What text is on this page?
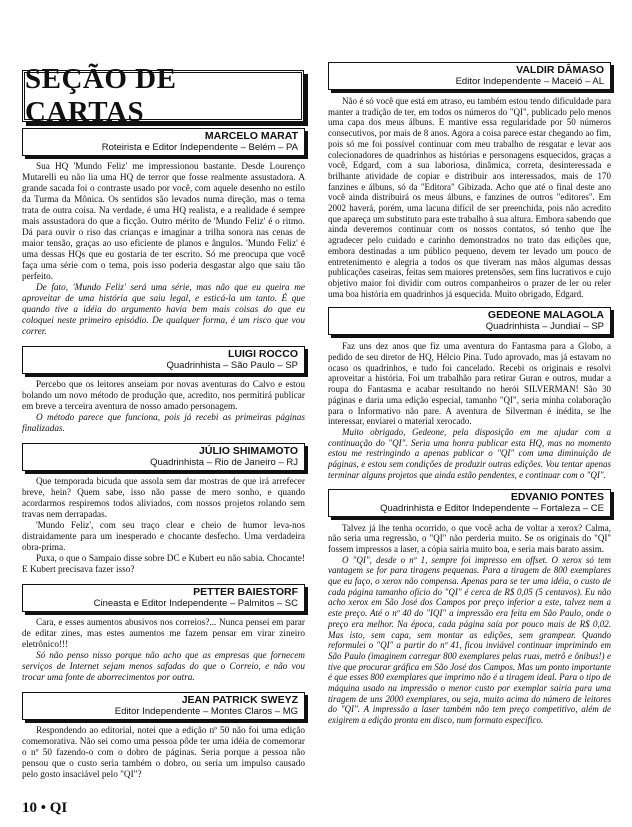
SEÇÃO DE CARTAS
MARCELO MARAT
Roteirista e Editor Independente – Belém – PA

Sua HQ 'Mundo Feliz' me impressionou bastante. Desde Lourenço Mutarelli eu não lia uma HQ de terror que fosse realmente assustadora. A grande sacada foi o contraste usado por você, com aquele desenho no estilo da Turma da Mônica. Os sentidos são levados numa direção, mas o tema trata de outra coisa. Na verdade, é uma HQ realista, e a realidade é sempre mais assustadora do que a ficção. Outro mérito de 'Mundo Feliz' é o ritmo. Dá para ouvir o riso das crianças e imaginar a trilha sonora nas cenas de maior tensão, graças ao uso eficiente de planos e ângulos. 'Mundo Feliz' é uma dessas HQs que eu gostaria de ter escrito. Só me preocupa que você faça uma série com o tema, pois isso poderia desgastar algo que saiu tão perfeito.

De fato, 'Mundo Feliz' será uma série, mas não que eu queira me aproveitar de uma história que saiu legal, e esticá-la um tanto. É que quando tive a idéia do argumento havia bem mais coisas do que eu coloquei neste primeiro episódio. De qualquer forma, é um risco que vou correr.

LUIGI ROCCO
Quadrinhista – São Paulo – SP

Percebo que os leitores anseiam por novas aventuras do Calvo e estou bolando um novo método de produção que, acredito, nos permitirá publicar em breve a terceira aventura de nosso amado personagem.

O método parece que funciona, pois já recebi as primeiras páginas finalizadas.

JÚLIO SHIMAMOTO
Quadrinhista – Rio de Janeiro – RJ

Que temporada bicuda que assola sem dar mostras de que irá arrefecer breve, hein? Quem sabe, isso não passe de mero sonho, e quando acordarmos respiremos todos aliviados, com nossos projetos rolando sem travas nem derrapadas.

'Mundo Feliz', com seu traço clear e cheio de humor leva-nos distraidamente para um inesperado e chocante desfecho. Uma verdadeira obra-prima.

Puxa, o que o Sampaio disse sobre DC e Kubert eu não sabia. Chocante! E Kubert precisava fazer isso?

PETTER BAIESTORF
Cineasta e Editor Independente – Palmitos – SC

Cara, e esses aumentos abusivos nos correios?... Nunca pensei em parar de editar zines, mas estes aumentos me fazem pensar em virar zineiro eletrônico!!!

Só não penso nisso porque não acho que as empresas que fornecem serviços de Internet sejam menos safadas do que o Correio, e não vou trocar uma fonte de aborrecimentos por outra.

JEAN PATRICK SWEYZ
Editor Independente – Montes Claros – MG

Respondendo ao editorial, notei que a edição nº 50 não foi uma edição comemorativa. Não sei como uma pessoa pôde ter uma idéia de comemorar o nº 50 fazendo-o com o dobro de páginas. Seria porque a pessoa não pensou que o custo seria também o dobro, ou seria um impulso causado pelo gosto insaciável pelo "QI"?

VALDIR DÂMASO
Editor Independente – Maceió – AL

Não é só você que está em atraso, eu também estou tendo dificuldade para manter a tradição de ter, em todos os números do "QI", publicado pelo menos uma capa dos meus álbuns. E mantive essa regularidade por 50 números consecutivos, por mais de 8 anos. Agora a coisa parece estar chegando ao fim, pois só me foi possível continuar com meu trabalho de resgatar e levar aos colecionadores de quadrinhos as histórias e personagens esquecidos, graças a você, Edgard, com a sua laboriosa, dinâmica, correta, desinteressada e brilhante atividade de copiar e distribuir aos interessados, mais de 170 fanzines e álbuns, só da "Editora" Gibizada. Acho que até o final deste ano você ainda distribuirá os meus álbuns, e fanzines de outros "editores". Em 2002 haverá, porém, uma lacuna difícil de ser preenchida, pois não acredito que apareça um substituto para este trabalho à sua altura. Embora sabendo que ainda deveremos continuar com os nossos contatos, só tenho que lhe agradecer pelo cuidado e carinho demonstrados no trato das edições que, embora destinadas a um público pequeno, devem ter levado um pouco de entretenimento e alegria a todos os que tiveram nas mãos algumas dessas publicações caseiras, feitas sem maiores pretensões, sem fins lucrativos e cujo objetivo maior foi dividir com outros companheiros o prazer de ler ou reler uma boa história em quadrinhos já esquecida. Muito obrigado, Edgard.

GEDEONE MALAGOLA
Quadrinhista – Jundiaí – SP

Faz uns dez anos que fiz uma aventura do Fantasma para a Globo, a pedido de seu diretor de HQ, Hélcio Pina. Tudo aprovado, mas já estavam no ocaso os quadrinhos, e tudo foi cancelado. Recebi os originais e resolvi aproveitar a história. Foi um trabalhão para retirar Guran e outros, mudar a roupa do Fantasma e acabar resultando no herói SILVERMAN! São 30 páginas e daria uma edição especial, tamanho "QI", seria minha colaboração para o Informativo não pare. A aventura de Silverman é inédita, se lhe interessar, enviarei o material xerocado.

Muito obrigado, Gedeone, pela disposição em me ajudar com a continuação do "QI". Seria uma honra publicar esta HQ, mas no momento estou me restringindo a apenas publicar o "QI" com uma diminuição de páginas, e estou sem condições de produzir outras edições. Vou tentar apenas terminar alguns projetos que ainda estão pendentes, e continuar com o "QI".

EDVANIO PONTES
Quadrinhista e Editor Independente – Fortaleza – CE

Talvez já lhe tenha ocorrido, o que você acha de voltar a xerox? Calma, não seria uma regressão, o "QI" não perderia muito. Se os originais do "QI" fossem impressos a laser, a cópia sairia muito boa, e seria mais barato assim.

O "QI", desde o nº 1, sempre foi impresso em offset. O xerox só tem vantagem se for para tiragens pequenas. Para a tiragem de 800 exemplares que eu faço, o xerox não compensa. Apenas para se ter uma idéia, o custo de cada página tamanho ofício do "QI" é cerca de R$ 0,05 (5 centavos). Eu não acho xerox em São José dos Campos por preço inferior a este, talvez nem a este preço. Até o nº 40 do "IQI" a impressão era feita em São Paulo, onde o preço era melhor. Na época, cada página saía por pouco mais de R$ 0,02. Mas isto, sem capa, sem montar as edições, sem grampear. Quando reformulei o "QI" a partir do nº 41, ficou inviável continuar imprimindo em São Paulo (imaginem carregar 800 exemplares pelas ruas, metrô e ônibus!) e tive que procurar gráfica em São José dos Campos. Mas um ponto importante é que esses 800 exemplares que imprimo não é a tiragem ideal. Para o tipo de máquina usado na impressão o menor custo por exemplar sairia para uma tiragem de uns 2000 exemplares, ou seja, muito acima do número de leitores do "QI". A impressão a laser também não tem preço competitivo, além de exigirem a edição pronta em disco, num formato específico.

10 • QI
